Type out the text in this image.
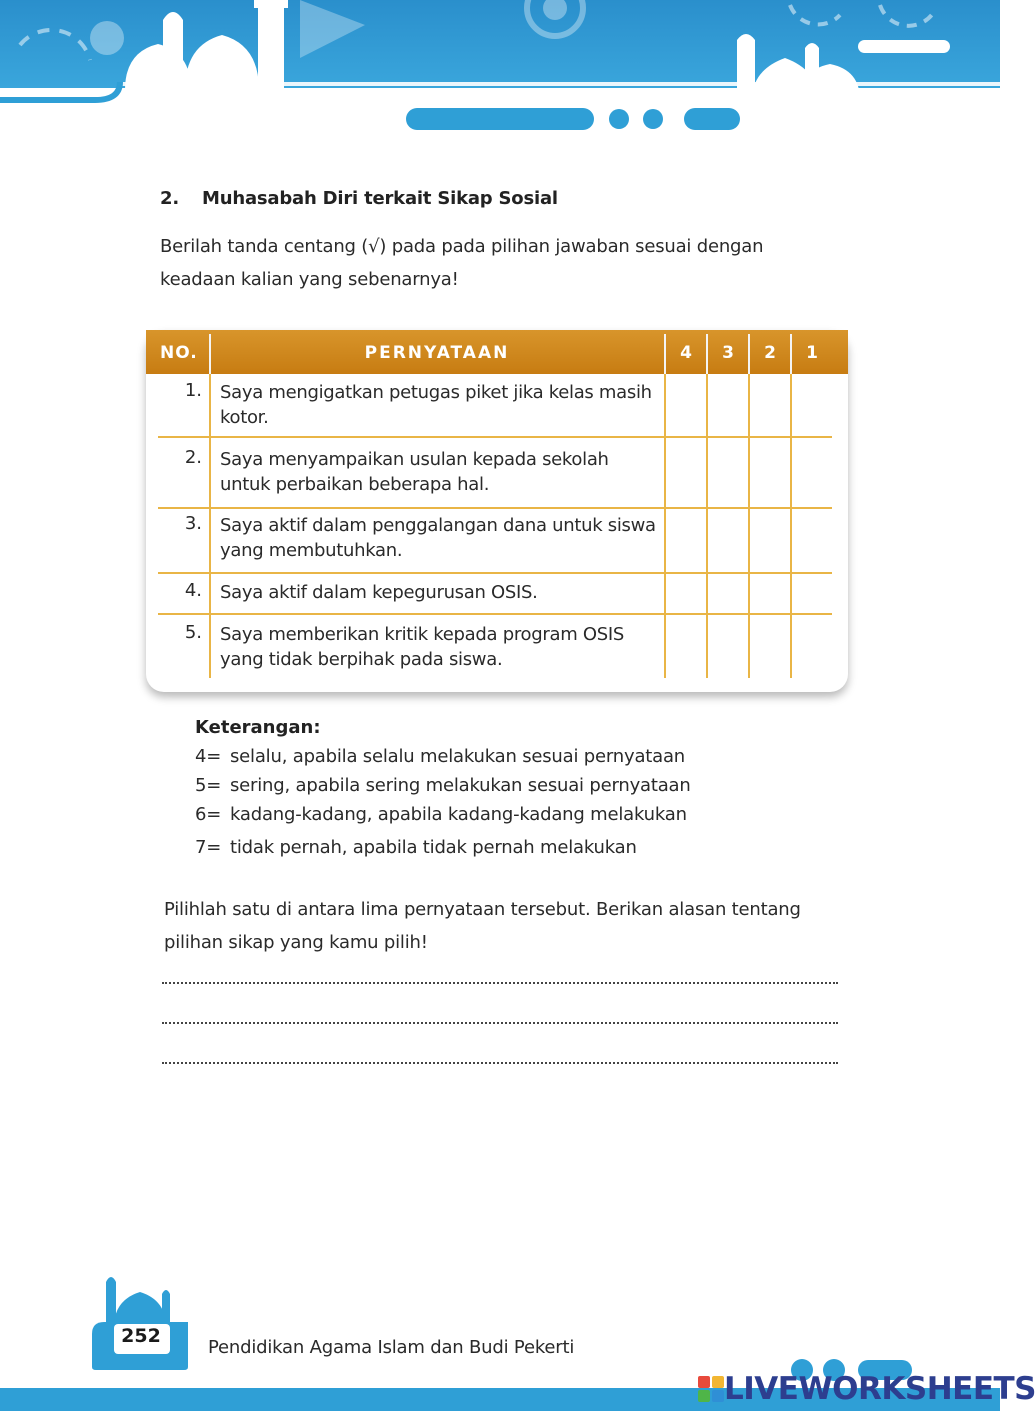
2. Muhasabah Diri terkait Sikap Sosial

Berilah tanda centang (√) pada pada pilihan jawaban sesuai dengan keadaan kalian yang sebenarnya!

NO.	PERNYATAAN	4	3	2	1
1. Saya mengigatkan petugas piket jika kelas masih kotor.
2. Saya menyampaikan usulan kepada sekolah untuk perbaikan beberapa hal.
3. Saya aktif dalam penggalangan dana untuk siswa yang membutuhkan.
4. Saya aktif dalam kepegurusan OSIS.
5. Saya memberikan kritik kepada program OSIS yang tidak berpihak pada siswa.
Keterangan:
4= selalu, apabila selalu melakukan sesuai pernyataan
5= sering, apabila sering melakukan sesuai pernyataan
6= kadang-kadang, apabila kadang-kadang melakukan
7= tidak pernah, apabila tidak pernah melakukan

Pilihlah satu di antara lima pernyataan tersebut. Berikan alasan tentang pilihan sikap yang kamu pilih!

252
Pendidikan Agama Islam dan Budi Pekerti
LIVEWORKSHEETS
